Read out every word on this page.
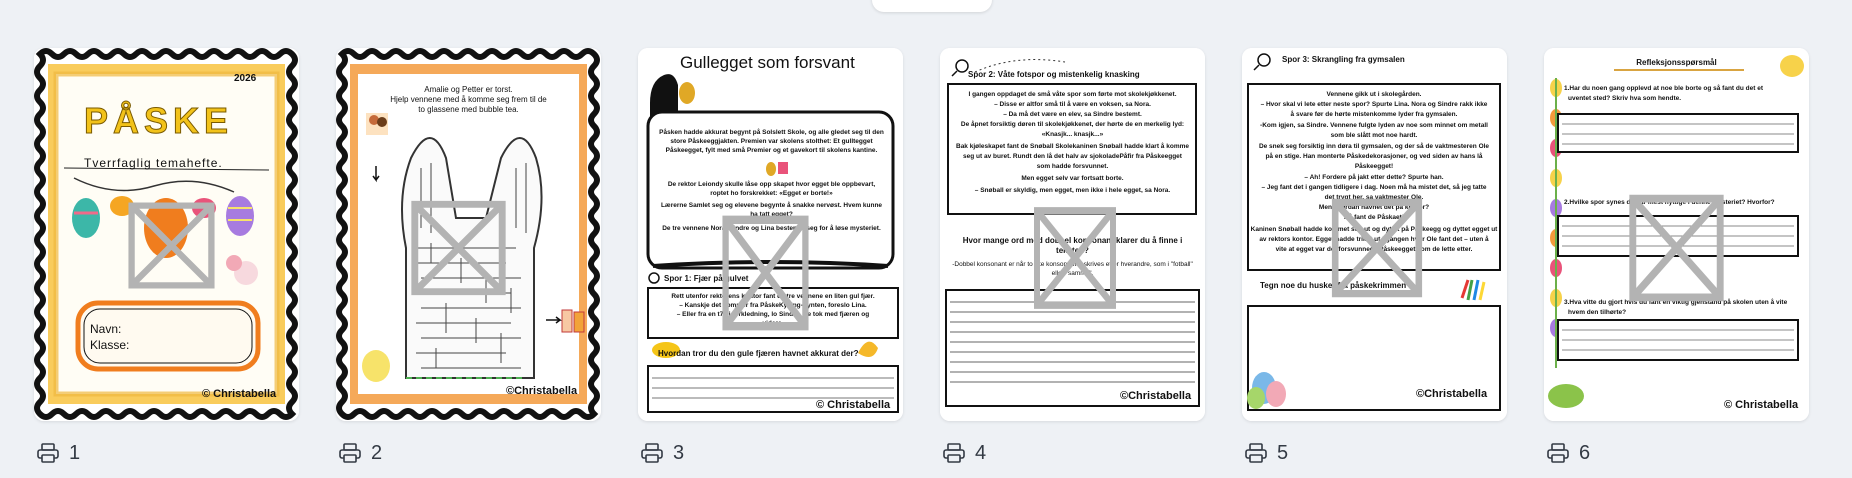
2026
PÅSKE
Tverrfaglig temahefte.
Navn:
Klasse:
© Christabella
1
Amalie og Petter er torst.
Hjelp vennene med å komme seg frem til de
to glassene med bubble tea.
©Christabella
2
Gullegget som forsvant
Påsken hadde akkurat begynt på Solslett Skole, og alle gledet seg til den
store Påskeeggjakten. Premien var skolens stolthet: Et gulltegget
Påskeegget, fylt med små Premier og et gavekort til skolens kantine.
De rektor Leiondy skulle låse opp skapet hvor egget ble oppbevart,
roptet ho forskrekket: «Egget er borte!»
Lærerne Samlet seg og elevene begynte å snakke nervøst. Hvem kunne
ha tatt egget?
De tre vennene Nora, Sindre og Lina bestemte seg for å løse mysteriet.
Spor 1: Fjær på gulvet
Rett utenfor rektorens kontor fant de tre vennene en liten gul fjær.
– Kanskje det kommer fra PåskeKylling-Pynten, foreslo Lina.
– Eller fra en t7e i forkledning, lo Sindre. De tok med fjæren og
videre.
Hvordan tror du den gule fjæren havnet akkurat der?
© Christabella
3
Spor 2: Våte fotspor og mistenkelig knasking
I gangen oppdaget de små våte spor som førte mot skolekjøkkenet.
– Disse er altfor små til å være en voksen, sa Nora.
– Da må det være en elev, sa Sindre bestemt.
De åpnet forsiktig døren til skolekjøkkenet, der hørte de en merkelig lyd:
«Knasjk... knasjk...»
Bak kjøleskapet fant de Snøball Skolekaninen Snøball hadde klart å komme
seg ut av buret. Rundt den lå det halv av sjokoladePåfir fra Påskeegget
som hadde forsvunnet.
Men egget selv var fortsatt borte.
– Snøball er skyldig, men egget, men ikke i hele egget, sa Nora.
Hvor mange ord med dobbel konsonant klarer du å finne i teksten?
-Dobbel konsonant er når to like konsonanter skrives etter hverandre, som i "fotball" eller "samme".
©Christabella
4
Spor 3: Skrangling fra gymsalen
Vennene gikk ut i skolegården.
– Hvor skal vi lete etter neste spor? Spurte Lina. Nora og Sindre rakk ikke
å svare før de hørte mistenkomme lyder fra gymsalen.
-Kom igjen, sa Sindre. Vennene fulgte lyden av noe som minnet om metall
som ble slått mot noe hardt.
De snek seg forsiktig inn døra til gymsalen, og der så de vaktmesteren Ole
på en stige. Han monterte Påskedekorasjoner, og ved siden av hans lå
Påskeegget!
– Ah! Fordere på jakt etter dette? Spurte han.
– Jeg fant det i gangen tidligere i dag. Noen må ha mistet det, så jeg tatte
det trygt her, sa vaktmester Ole.
Men hvordan havnet det på kontor?
Nå fant de Påskaet!
Kaninen Snøball hadde kommet seg ut og dyttet på Påskeegg og dyttet egget ut
av rektors kontor. Egget hadde trillet ut i gangen hvor Ole fant det – uten å
vite at egget var det forsvunnede Påskeegget som de lette etter.
Tegn noe du husker fra påskekrimmen
©Christabella
5
Refleksjonsspørsmål
1.Har du noen gang opplevd at noe ble borte og så fant du det et
uventet sted? Skriv hva som hendte.
2.Hvilke spor synes du var mest nyttige i denne mysteriet? Hvorfor?
3.Hva vitte du gjort hvis du fant en viktig gjenstand på skolen uten å vite
hvem den tilhørte?
© Christabella
6
